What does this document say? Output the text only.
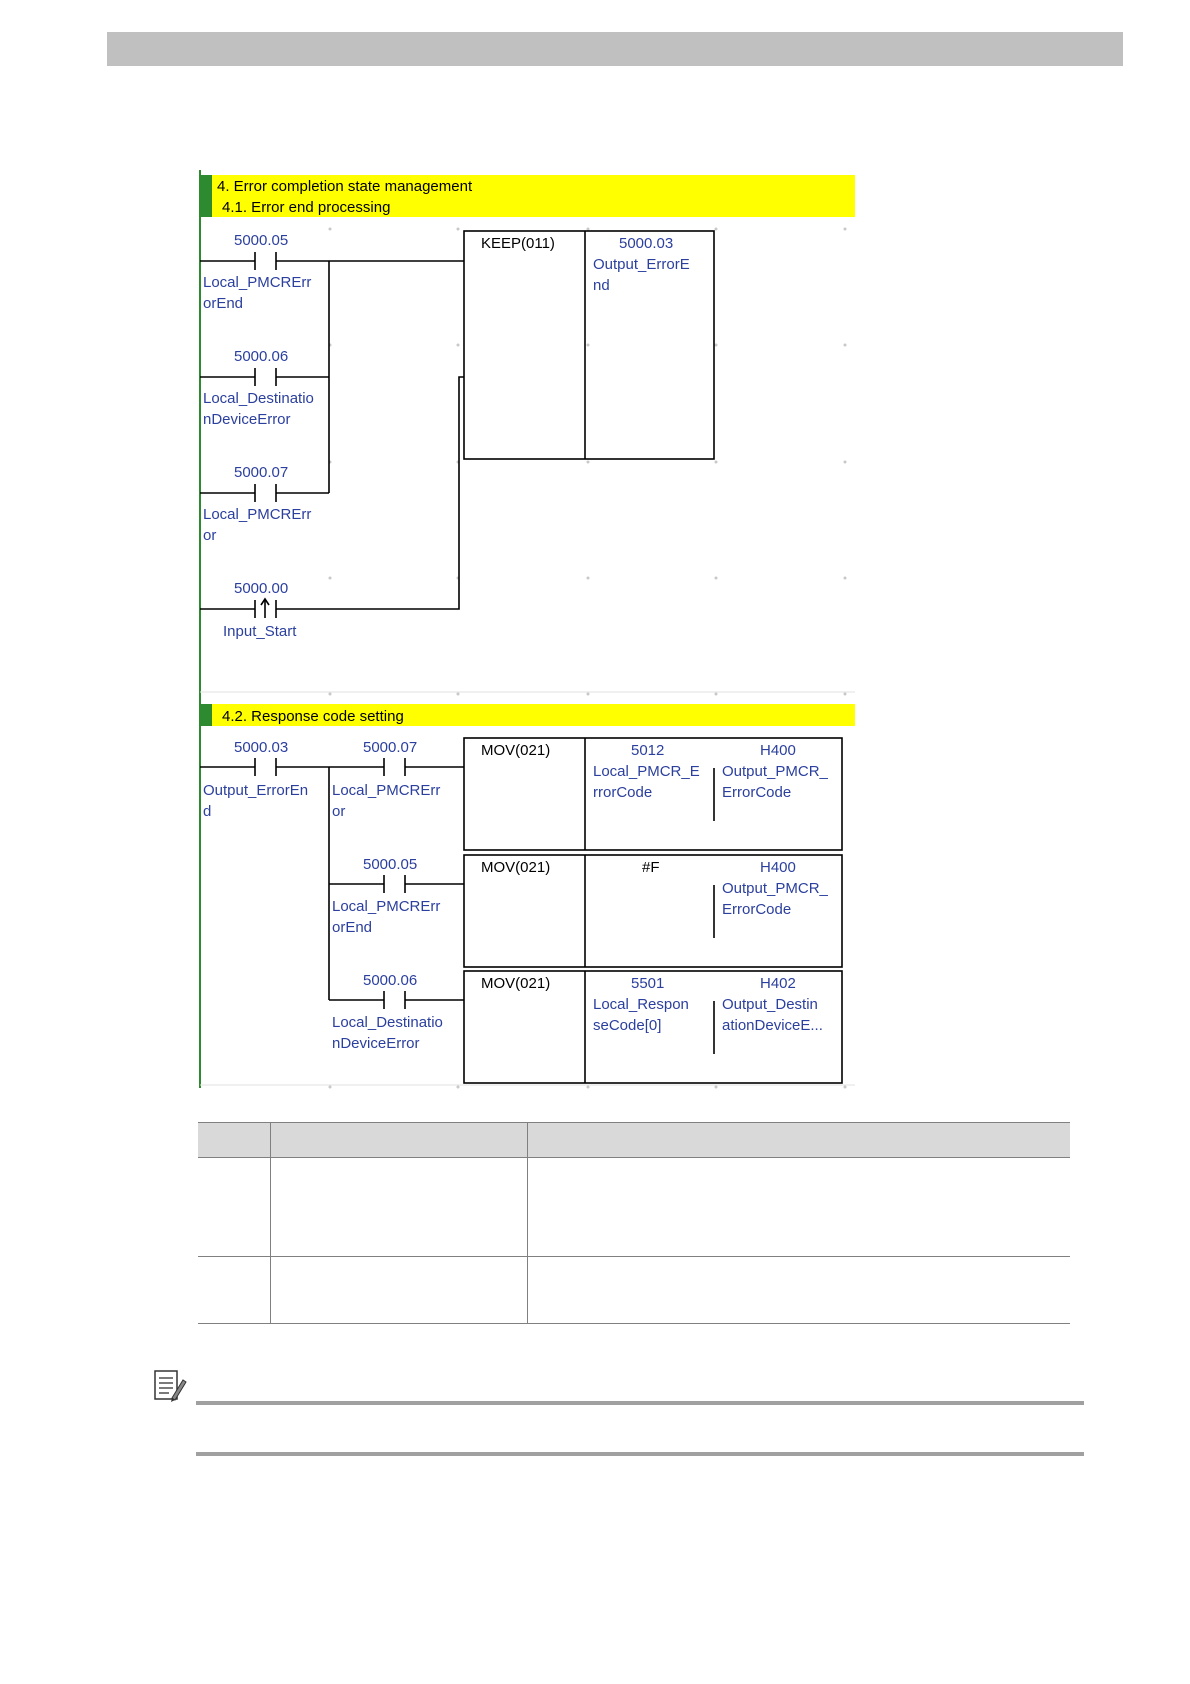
4. Error completion state management
4.1. Error end processing
4.2. Response code setting
5000.05
Local_PMCRErr
orEnd
5000.06
Local_Destinatio
nDeviceError
5000.07
Local_PMCRErr
or
5000.00
Input_Start
KEEP(011)	5000.03
Output_ErrorE
nd
5000.03
Output_ErrorEn
d
5000.07
Local_PMCRErr
or
5000.05
Local_PMCRErr
orEnd
5000.06
Local_Destinatio
nDeviceError
MOV(021)	5012
Local_PMCR_E
rrorCode
H400
Output_PMCR_
ErrorCode
MOV(021)	#F	H400
Output_PMCR_
ErrorCode
MOV(021)	5501
Local_Respon
seCode[0]
H402
Output_Destin
ationDeviceE...
